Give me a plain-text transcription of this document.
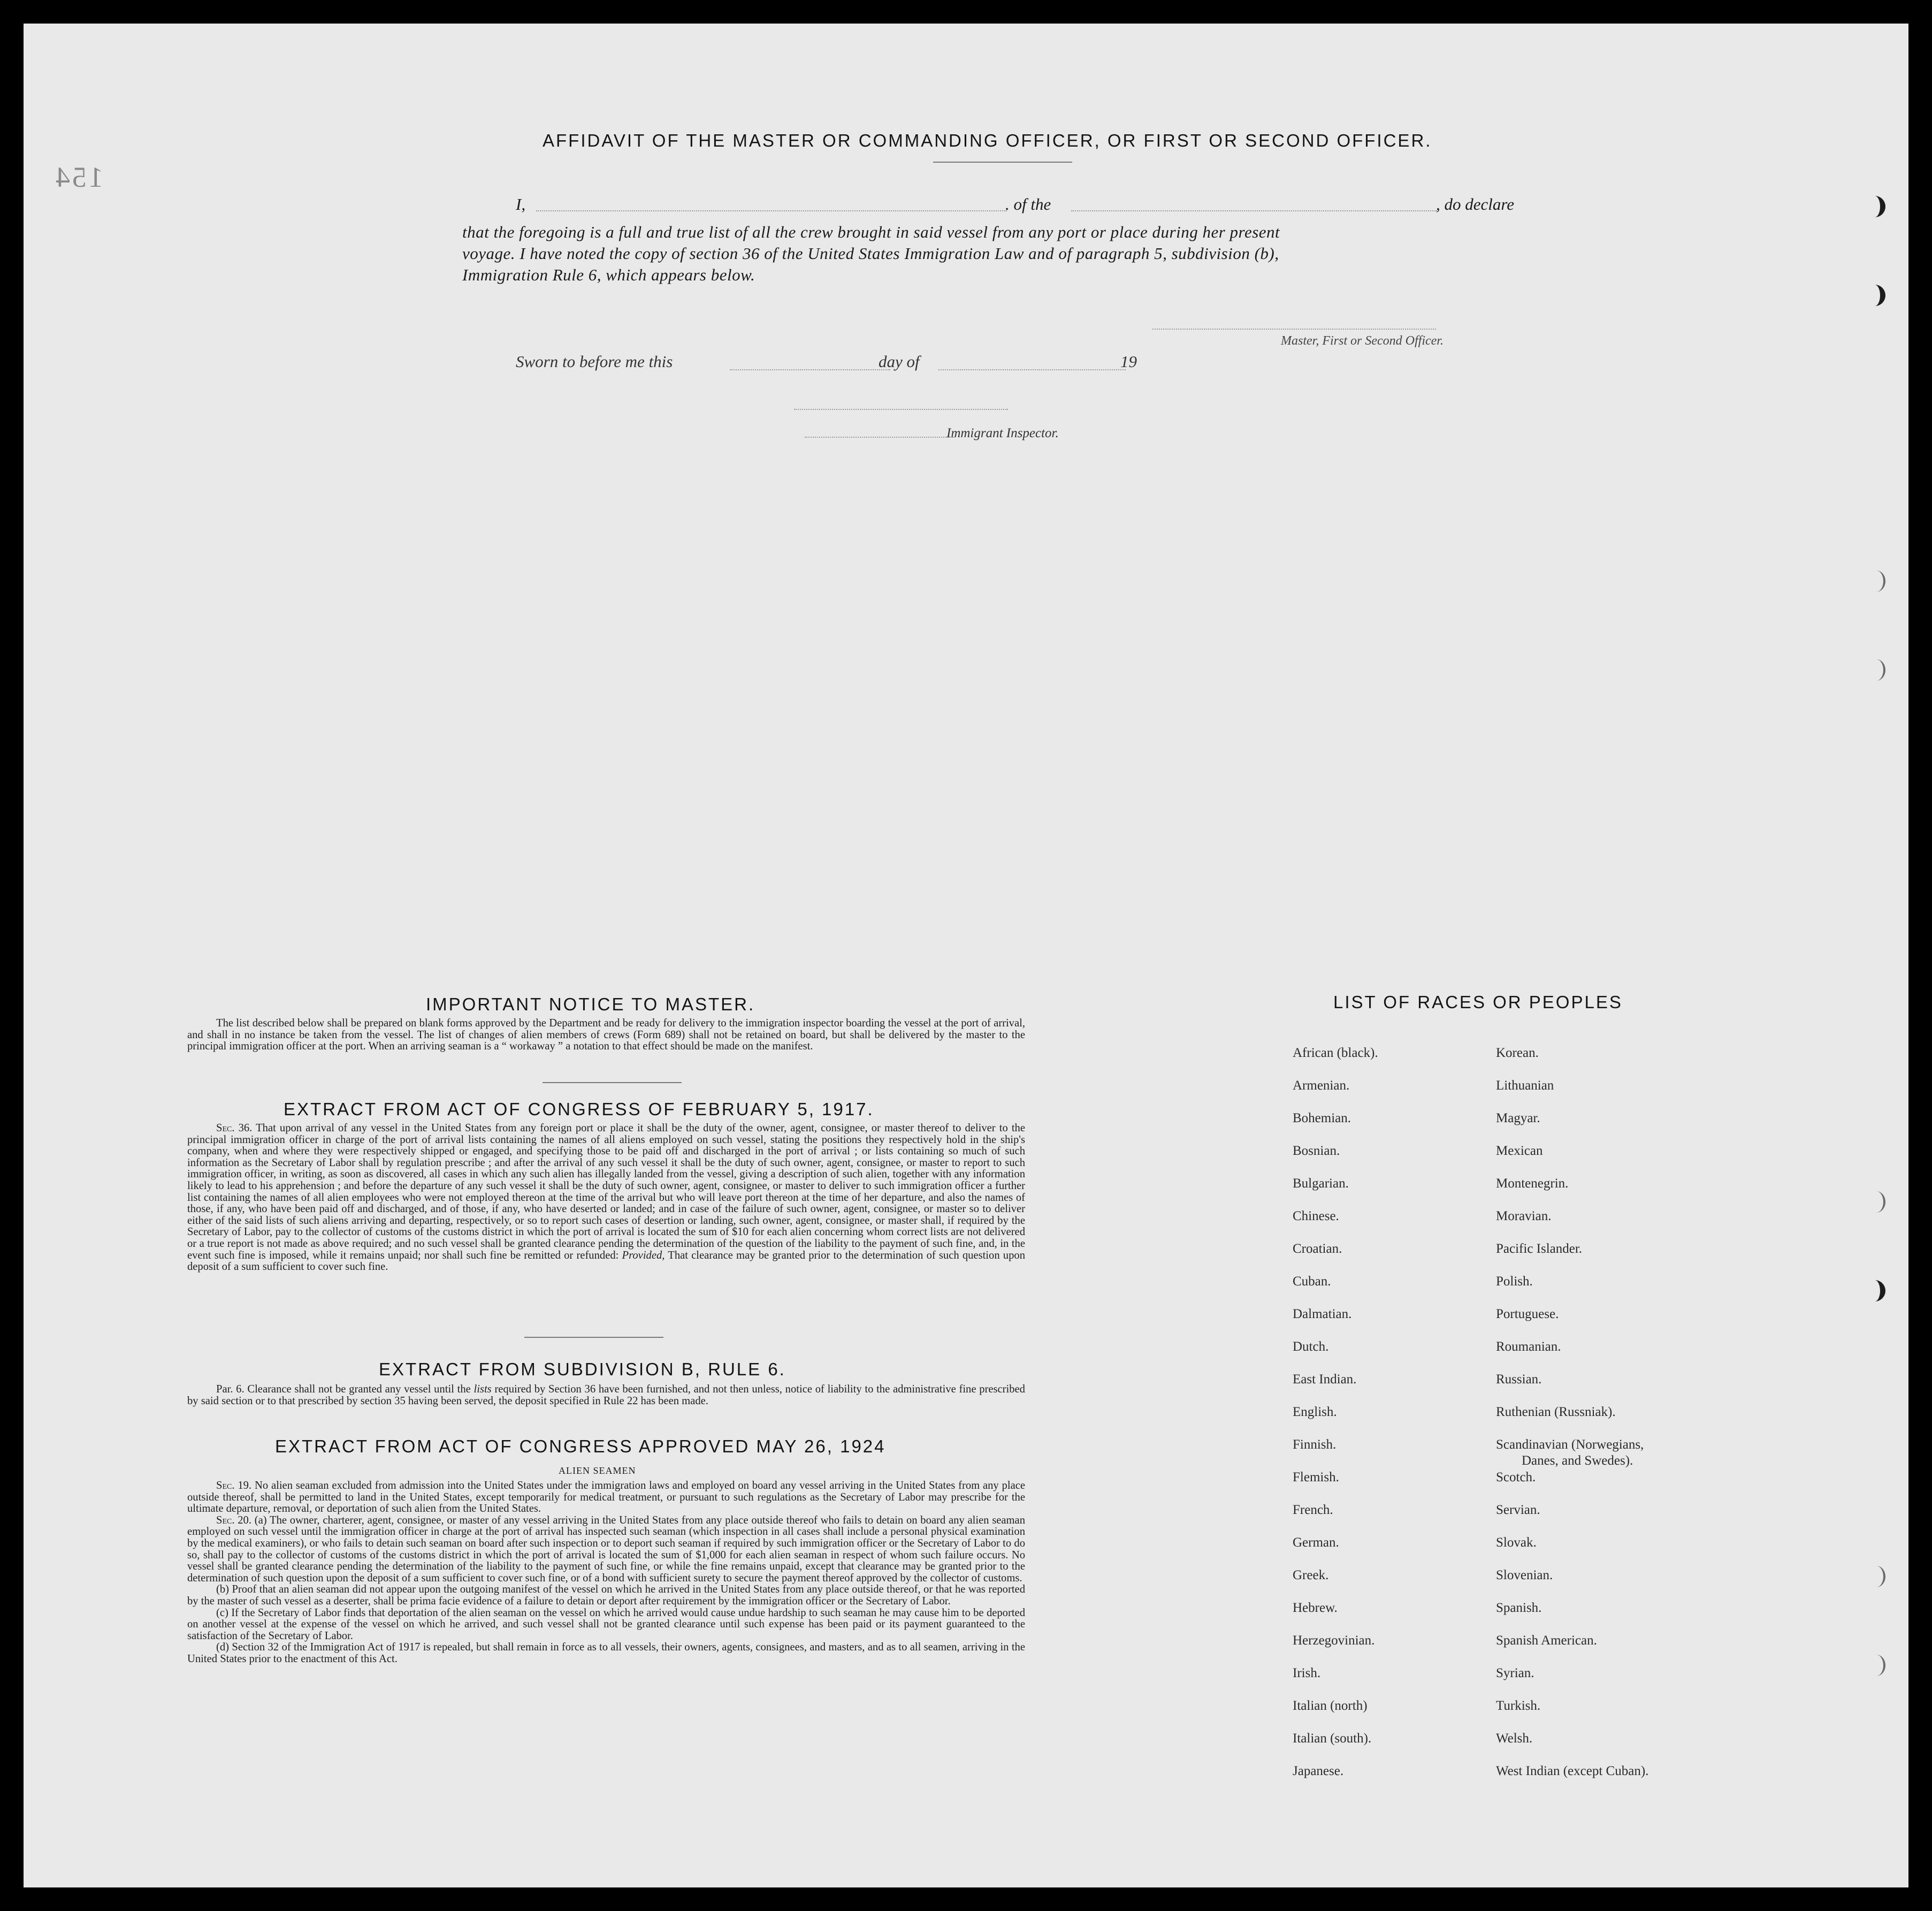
154
AFFIDAVIT OF THE MASTER OR COMMANDING OFFICER, OR FIRST OR SECOND OFFICER.
I,	. of the	, do declare
that the foregoing is a full and true list of all the crew brought in said vessel from any port or place during her present
voyage. I have noted the copy of section 36 of the United States Immigration Law and of paragraph 5, subdivision (b),
Immigration Rule 6, which appears below.
Master, First or Second Officer.
Sworn to before me this	day of	19
Immigrant Inspector.
IMPORTANT NOTICE TO MASTER.

The list described below shall be prepared on blank forms approved by the Department and be ready for delivery to the immigration inspector boarding the vessel at the port of arrival, and shall in no instance be taken from the vessel. The list of changes of alien members of crews (Form 689) shall not be retained on board, but shall be delivered by the master to the principal immigration officer at the port. When an arriving seaman is a “ workaway ” a notation to that effect should be made on the manifest.

EXTRACT FROM ACT OF CONGRESS OF FEBRUARY 5, 1917.

Sec. 36. That upon arrival of any vessel in the United States from any foreign port or place it shall be the duty of the owner, agent, consignee, or master thereof to deliver to the principal immigration officer in charge of the port of arrival lists containing the names of all aliens employed on such vessel, stating the positions they respectively hold in the ship's company, when and where they were respectively shipped or engaged, and specifying those to be paid off and discharged in the port of arrival ; or lists containing so much of such information as the Secretary of Labor shall by regulation prescribe ; and after the arrival of any such vessel it shall be the duty of such owner, agent, consignee, or master to report to such immigration officer, in writing, as soon as discovered, all cases in which any such alien has illegally landed from the vessel, giving a description of such alien, together with any information likely to lead to his apprehension ; and before the departure of any such vessel it shall be the duty of such owner, agent, consignee, or master to deliver to such immigration officer a further list containing the names of all alien employees who were not employed thereon at the time of the arrival but who will leave port thereon at the time of her departure, and also the names of those, if any, who have been paid off and discharged, and of those, if any, who have deserted or landed; and in case of the failure of such owner, agent, consignee, or master so to deliver either of the said lists of such aliens arriving and departing, respectively, or so to report such cases of desertion or landing, such owner, agent, consignee, or master shall, if required by the Secretary of Labor, pay to the collector of customs of the customs district in which the port of arrival is located the sum of $10 for each alien concerning whom correct lists are not delivered or a true report is not made as above required; and no such vessel shall be granted clearance pending the determination of the question of the liability to the payment of such fine, and, in the event such fine is imposed, while it remains unpaid; nor shall such fine be remitted or refunded: Provided, That clearance may be granted prior to the determination of such question upon deposit of a sum sufficient to cover such fine.

EXTRACT FROM SUBDIVISION B, RULE 6.

Par. 6. Clearance shall not be granted any vessel until the lists required by Section 36 have been furnished, and not then unless, notice of liability to the administrative fine prescribed by said section or to that prescribed by section 35 having been served, the deposit specified in Rule 22 has been made.

EXTRACT FROM ACT OF CONGRESS APPROVED MAY 26, 1924
ALIEN SEAMEN

Sec. 19. No alien seaman excluded from admission into the United States under the immigration laws and employed on board any vessel arriving in the United States from any place outside thereof, shall be permitted to land in the United States, except temporarily for medical treatment, or pursuant to such regulations as the Secretary of Labor may prescribe for the ultimate departure, removal, or deportation of such alien from the United States.

Sec. 20. (a) The owner, charterer, agent, consignee, or master of any vessel arriving in the United States from any place outside thereof who fails to detain on board any alien seaman employed on such vessel until the immigration officer in charge at the port of arrival has inspected such seaman (which inspection in all cases shall include a personal physical examination by the medical examiners), or who fails to detain such seaman on board after such inspection or to deport such seaman if required by such immigration officer or the Secretary of Labor to do so, shall pay to the collector of customs of the customs district in which the port of arrival is located the sum of $1,000 for each alien seaman in respect of whom such failure occurs. No vessel shall be granted clearance pending the determination of the liability to the payment of such fine, or while the fine remains unpaid, except that clearance may be granted prior to the determination of such question upon the deposit of a sum sufficient to cover such fine, or of a bond with sufficient surety to secure the payment thereof approved by the collector of customs.

(b) Proof that an alien seaman did not appear upon the outgoing manifest of the vessel on which he arrived in the United States from any place outside thereof, or that he was reported by the master of such vessel as a deserter, shall be prima facie evidence of a failure to detain or deport after requirement by the immigration officer or the Secretary of Labor.

(c) If the Secretary of Labor finds that deportation of the alien seaman on the vessel on which he arrived would cause undue hardship to such seaman he may cause him to be deported on another vessel at the expense of the vessel on which he arrived, and such vessel shall not be granted clearance until such expense has been paid or its payment guaranteed to the satisfaction of the Secretary of Labor.

(d) Section 32 of the Immigration Act of 1917 is repealed, but shall remain in force as to all vessels, their owners, agents, consignees, and masters, and as to all seamen, arriving in the United States prior to the enactment of this Act.

LIST OF RACES OR PEOPLES
African (black).
Armenian.
Bohemian.
Bosnian.
Bulgarian.
Chinese.
Croatian.
Cuban.
Dalmatian.
Dutch.
East Indian.
English.
Finnish.
Flemish.
French.
German.
Greek.
Hebrew.
Herzegovinian.
Irish.
Italian (north)
Italian (south).
Japanese.
Korean.
Lithuanian
Magyar.
Mexican
Montenegrin.
Moravian.
Pacific Islander.
Polish.
Portuguese.
Roumanian.
Russian.
Ruthenian (Russniak).
Scandinavian (Norwegians,
Danes, and Swedes).
Scotch.
Servian.
Slovak.
Slovenian.
Spanish.
Spanish American.
Syrian.
Turkish.
Welsh.
West Indian (except Cuban).
